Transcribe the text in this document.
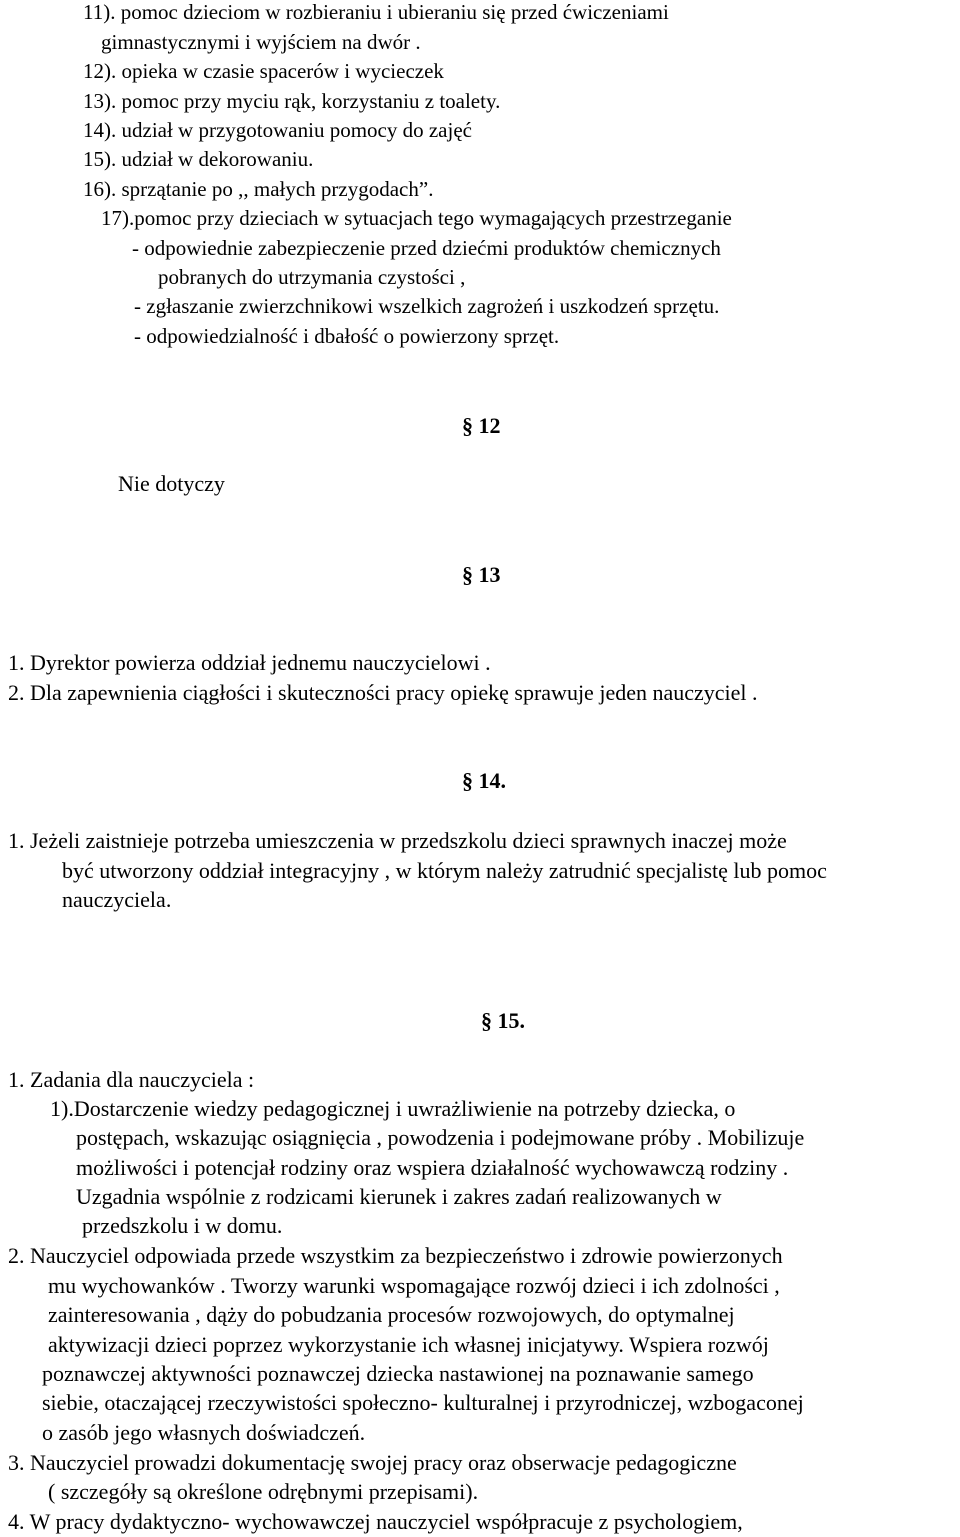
11). pomoc dzieciom w rozbieraniu i ubieraniu się przed ćwiczeniami
gimnastycznymi i wyjściem na dwór .
12). opieka w czasie spacerów i wycieczek
13). pomoc przy myciu rąk, korzystaniu z toalety.
14). udział w przygotowaniu pomocy do zajęć
15). udział w dekorowaniu.
16). sprzątanie po ,, małych przygodach”.
17).pomoc przy dzieciach w sytuacjach tego wymagających przestrzeganie
- odpowiednie zabezpieczenie przed dziećmi produktów chemicznych
pobranych do utrzymania czystości ,
- zgłaszanie zwierzchnikowi wszelkich zagrożeń i uszkodzeń sprzętu.
- odpowiedzialność i dbałość o powierzony sprzęt.
§ 12
Nie dotyczy
§ 13
1. Dyrektor powierza oddział jednemu nauczycielowi .
2. Dla zapewnienia ciągłości i skuteczności pracy opiekę sprawuje jeden nauczyciel .
§ 14.
1. Jeżeli zaistnieje potrzeba umieszczenia w przedszkolu dzieci sprawnych inaczej może
być utworzony oddział integracyjny , w którym należy zatrudnić specjalistę lub pomoc
nauczyciela.
§ 15.
1. Zadania dla nauczyciela :
1).Dostarczenie wiedzy pedagogicznej i uwrażliwienie na potrzeby dziecka, o
postępach, wskazując osiągnięcia , powodzenia i podejmowane próby . Mobilizuje
możliwości i potencjał rodziny oraz wspiera działalność wychowawczą rodziny .
Uzgadnia wspólnie z rodzicami kierunek i zakres zadań realizowanych w
przedszkolu i w domu.
2. Nauczyciel odpowiada przede wszystkim za bezpieczeństwo i zdrowie powierzonych
mu wychowanków . Tworzy warunki wspomagające rozwój dzieci i ich zdolności ,
zainteresowania , dąży do pobudzania procesów rozwojowych, do optymalnej
aktywizacji dzieci poprzez wykorzystanie ich własnej inicjatywy. Wspiera rozwój
poznawczej aktywności poznawczej dziecka nastawionej na poznawanie samego
siebie, otaczającej rzeczywistości społeczno- kulturalnej i przyrodniczej, wzbogaconej
o zasób jego własnych doświadczeń.
3. Nauczyciel prowadzi dokumentację swojej pracy oraz obserwacje pedagogiczne
( szczegóły są określone odrębnymi przepisami).
4. W pracy dydaktyczno- wychowawczej nauczyciel współpracuje z psychologiem,
